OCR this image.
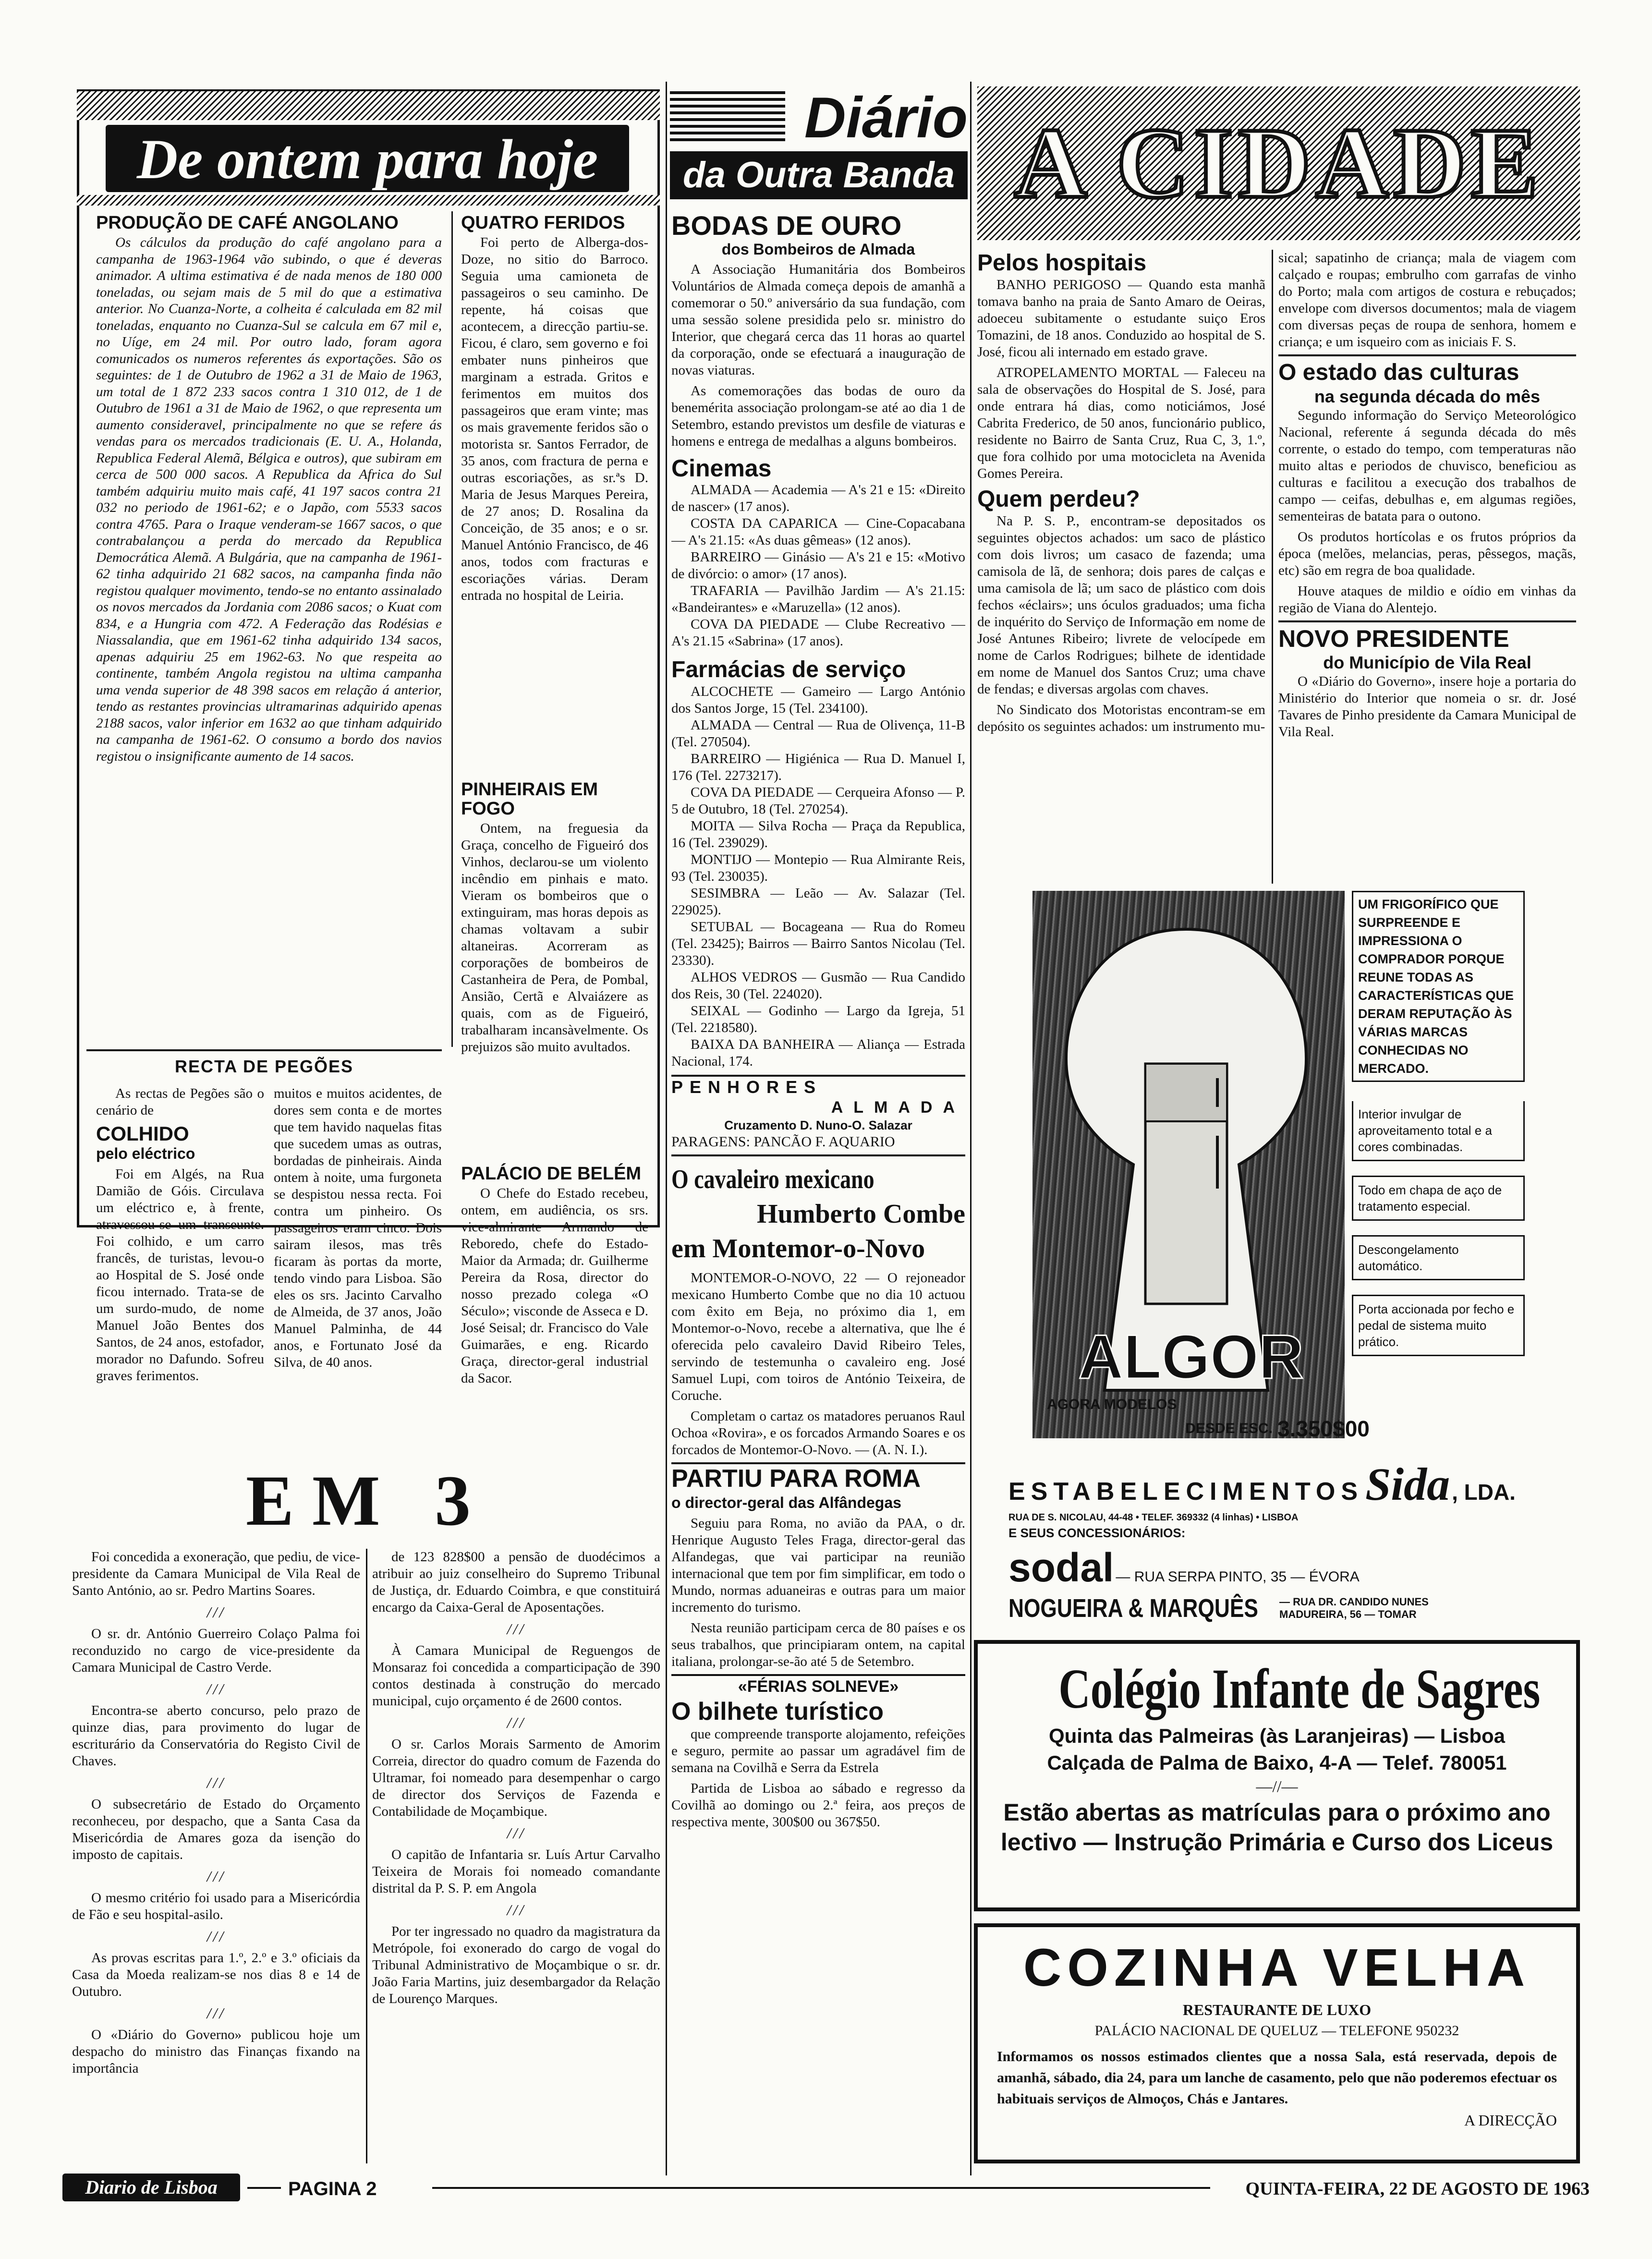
De ontem para hoje
PRODUÇÃO DE CAFÉ ANGOLANO

Os cálculos da produção do café angolano para a campanha de 1963-1964 vão subindo, o que é deveras animador. A ultima estimativa é de nada menos de 180 000 toneladas, ou sejam mais de 5 mil do que a estimativa anterior. No Cuanza-Norte, a colheita é calculada em 82 mil toneladas, enquanto no Cuanza-Sul se calcula em 67 mil e, no Uíge, em 24 mil. Por outro lado, foram agora comunicados os numeros referentes ás exportações. São os seguintes: de 1 de Outubro de 1962 a 31 de Maio de 1963, um total de 1 872 233 sacos contra 1 310 012, de 1 de Outubro de 1961 a 31 de Maio de 1962, o que representa um aumento consideravel, principalmente no que se refere ás vendas para os mercados tradicionais (E. U. A., Holanda, Republica Federal Alemã, Bélgica e outros), que subiram em cerca de 500 000 sacos. A Republica da Africa do Sul também adquiriu muito mais café, 41 197 sacos contra 21 032 no periodo de 1961-62; e o Japão, com 5533 sacos contra 4765. Para o Iraque venderam-se 1667 sacos, o que contrabalançou a perda do mercado da Republica Democrática Alemã. A Bulgária, que na campanha de 1961-62 tinha adquirido 21 682 sacos, na campanha finda não registou qualquer movimento, tendo-se no entanto assinalado os novos mercados da Jordania com 2086 sacos; o Kuat com 834, e a Hungria com 472. A Federação das Rodésias e Niassalandia, que em 1961-62 tinha adquirido 134 sacos, apenas adquiriu 25 em 1962-63. No que respeita ao continente, também Angola registou na ultima campanha uma venda superior de 48 398 sacos em relação á anterior, tendo as restantes provincias ultramarinas adquirido apenas 2188 sacos, valor inferior em 1632 ao que tinham adquirido na campanha de 1961-62. O consumo a bordo dos navios registou o insignificante aumento de 14 sacos.

QUATRO FERIDOS

Foi perto de Alberga-dos-Doze, no sitio do Barroco. Seguia uma camioneta de passageiros o seu caminho. De repente, há coisas que acontecem, a direcção partiu-se. Ficou, é claro, sem governo e foi embater nuns pinheiros que marginam a estrada. Gritos e ferimentos em muitos dos passageiros que eram vinte; mas os mais gravemente feridos são o motorista sr. Santos Ferrador, de 35 anos, com fractura de perna e outras escoriações, as sr.ªs D. Maria de Jesus Marques Pereira, de 27 anos; D. Rosalina da Conceição, de 35 anos; e o sr. Manuel António Francisco, de 46 anos, todos com fracturas e escoriações várias. Deram entrada no hospital de Leiria.

PINHEIRAIS EM FOGO

Ontem, na freguesia da Graça, concelho de Figueiró dos Vinhos, declarou-se um violento incêndio em pinhais e mato. Vieram os bombeiros que o extinguiram, mas horas depois as chamas voltavam a subir altaneiras. Acorreram as corporações de bombeiros de Castanheira de Pera, de Pombal, Ansião, Certã e Alvaiázere as quais, com as de Figueiró, trabalharam incansàvelmente. Os prejuizos são muito avultados.

PALÁCIO DE BELÉM

O Chefe do Estado recebeu, ontem, em audiência, os srs. vice-almirante Armando de Reboredo, chefe do Estado-Maior da Armada; dr. Guilherme Pereira da Rosa, director do nosso prezado colega «O Século»; visconde de Asseca e D. José Seisal; dr. Francisco do Vale Guimarães, e eng. Ricardo Graça, director-geral industrial da Sacor.

RECTA DE PEGÕES

As rectas de Pegões são o cenário de

COLHIDO
pelo eléctrico

Foi em Algés, na Rua Damião de Góis. Circulava um eléctrico e, à frente, atravessou-se um transeunte. Foi colhido, e um carro francês, de turistas, levou-o ao Hospital de S. José onde ficou internado. Trata-se de um surdo-mudo, de nome Manuel João Bentes dos Santos, de 24 anos, estofador, morador no Dafundo. Sofreu graves ferimentos.

muitos e muitos acidentes, de dores sem conta e de mortes que tem havido naquelas fitas que sucedem umas as outras, bordadas de pinheirais. Ainda ontem à noite, uma furgoneta se despistou nessa recta. Foi contra um pinheiro. Os passageiros eram cinco. Dois sairam ilesos, mas três ficaram às portas da morte, tendo vindo para Lisboa. São eles os srs. Jacinto Carvalho de Almeida, de 37 anos, João Manuel Palminha, de 44 anos, e Fortunato José da Silva, de 40 anos.

EM 3

Foi concedida a exoneração, que pediu, de vice-presidente da Camara Municipal de Vila Real de Santo António, ao sr. Pedro Martins Soares.

///

O sr. dr. António Guerreiro Colaço Palma foi reconduzido no cargo de vice-presidente da Camara Municipal de Castro Verde.

///

Encontra-se aberto concurso, pelo prazo de quinze dias, para provimento do lugar de escriturário da Conservatória do Registo Civil de Chaves.

///

O subsecretário de Estado do Orçamento reconheceu, por despacho, que a Santa Casa da Misericórdia de Amares goza da isenção do imposto de capitais.

///

O mesmo critério foi usado para a Misericórdia de Fão e seu hospital-asilo.

///

As provas escritas para 1.º, 2.º e 3.º oficiais da Casa da Moeda realizam-se nos dias 8 e 14 de Outubro.

///

O «Diário do Governo» publicou hoje um despacho do ministro das Finanças fixando na importância

de 123 828$00 a pensão de duodécimos a atribuir ao juiz conselheiro do Supremo Tribunal de Justiça, dr. Eduardo Coimbra, e que constituirá encargo da Caixa-Geral de Aposentações.

///

À Camara Municipal de Reguengos de Monsaraz foi concedida a comparticipação de 390 contos destinada à construção do mercado municipal, cujo orçamento é de 2600 contos.

///

O sr. Carlos Morais Sarmento de Amorim Correia, director do quadro comum de Fazenda do Ultramar, foi nomeado para desempenhar o cargo de director dos Serviços de Fazenda e Contabilidade de Moçambique.

///

O capitão de Infantaria sr. Luís Artur Carvalho Teixeira de Morais foi nomeado comandante distrital da P. S. P. em Angola

///

Por ter ingressado no quadro da magistratura da Metrópole, foi exonerado do cargo de vogal do Tribunal Administrativo de Moçambique o sr. dr. João Faria Martins, juiz desembargador da Relação de Lourenço Marques.

Diário
da Outra Banda
BODAS DE OURO
dos Bombeiros de Almada

A Associação Humanitária dos Bombeiros Voluntários de Almada começa depois de amanhã a comemorar o 50.º aniversário da sua fundação, com uma sessão solene presidida pelo sr. ministro do Interior, que chegará cerca das 11 horas ao quartel da corporação, onde se efectuará a inauguração de novas viaturas.

As comemorações das bodas de ouro da benemérita associação prolongam-se até ao dia 1 de Setembro, estando previstos um desfile de viaturas e homens e entrega de medalhas a alguns bombeiros.

Cinemas

ALMADA — Academia — A's 21 e 15: «Direito de nascer» (17 anos).

COSTA DA CAPARICA — Cine-Copacabana — A's 21.15: «As duas gêmeas» (12 anos).

BARREIRO — Ginásio — A's 21 e 15: «Motivo de divórcio: o amor» (17 anos).

TRAFARIA — Pavilhão Jardim — A's 21.15: «Bandeirantes» e «Maruzella» (12 anos).

COVA DA PIEDADE — Clube Recreativo — A's 21.15 «Sabrina» (17 anos).

Farmácias de serviço

ALCOCHETE — Gameiro — Largo António dos Santos Jorge, 15 (Tel. 234100).

ALMADA — Central — Rua de Olivença, 11-B (Tel. 270504).

BARREIRO — Higiénica — Rua D. Manuel I, 176 (Tel. 2273217).

COVA DA PIEDADE — Cerqueira Afonso — P. 5 de Outubro, 18 (Tel. 270254).

MOITA — Silva Rocha — Praça da Republica, 16 (Tel. 239029).

MONTIJO — Montepio — Rua Almirante Reis, 93 (Tel. 230035).

SESIMBRA — Leão — Av. Salazar (Tel. 229025).

SETUBAL — Bocageana — Rua do Romeu (Tel. 23425); Bairros — Bairro Santos Nicolau (Tel. 23330).

ALHOS VEDROS — Gusmão — Rua Candido dos Reis, 30 (Tel. 224020).

SEIXAL — Godinho — Largo da Igreja, 51 (Tel. 2218580).

BAIXA DA BANHEIRA — Aliança — Estrada Nacional, 174.

PENHORES
ALMADA
Cruzamento D. Nuno-O. Salazar
PARAGENS: PANCÃO F. AQUARIO
O cavaleiro mexicano
Humberto Combe
em Montemor-o-Novo

MONTEMOR-O-NOVO, 22 — O rejoneador mexicano Humberto Combe que no dia 10 actuou com êxito em Beja, no próximo dia 1, em Montemor-o-Novo, recebe a alternativa, que lhe é oferecida pelo cavaleiro David Ribeiro Teles, servindo de testemunha o cavaleiro eng. José Samuel Lupi, com toiros de António Teixeira, de Coruche.

Completam o cartaz os matadores peruanos Raul Ochoa «Rovira», e os forcados Armando Soares e os forcados de Montemor-O-Novo. — (A. N. I.).

PARTIU PARA ROMA
o director-geral das Alfândegas

Seguiu para Roma, no avião da PAA, o dr. Henrique Augusto Teles Fraga, director-geral das Alfandegas, que vai participar na reunião internacional que tem por fim simplificar, em todo o Mundo, normas aduaneiras e outras para um maior incremento do turismo.

Nesta reunião participam cerca de 80 países e os seus trabalhos, que principiaram ontem, na capital italiana, prolongar-se-ão até 5 de Setembro.

«FÉRIAS SOLNEVE»
O bilhete turístico

que compreende transporte alojamento, refeições e seguro, permite ao passar um agradável fim de semana na Covilhã e Serra da Estrela

Partida de Lisboa ao sábado e regresso da Covilhã ao domingo ou 2.ª feira, aos preços de respectiva mente, 300$00 ou 367$50.

A CIDADE
Pelos hospitais

BANHO PERIGOSO — Quando esta manhã tomava banho na praia de Santo Amaro de Oeiras, adoeceu subitamente o estudante suiço Eros Tomazini, de 18 anos. Conduzido ao hospital de S. José, ficou ali internado em estado grave.

ATROPELAMENTO MORTAL — Faleceu na sala de observações do Hospital de S. José, para onde entrara há dias, como noticiámos, José Cabrita Frederico, de 50 anos, funcionário publico, residente no Bairro de Santa Cruz, Rua C, 3, 1.º, que fora colhido por uma motocicleta na Avenida Gomes Pereira.

Quem perdeu?

Na P. S. P., encontram-se depositados os seguintes objectos achados: um saco de plástico com dois livros; um casaco de fazenda; uma camisola de lã, de senhora; dois pares de calças e uma camisola de lã; um saco de plástico com dois fechos «éclairs»; uns óculos graduados; uma ficha de inquérito do Serviço de Informação em nome de José Antunes Ribeiro; livrete de velocípede em nome de Carlos Rodrigues; bilhete de identidade em nome de Manuel dos Santos Cruz; uma chave de fendas; e diversas argolas com chaves.

No Sindicato dos Motoristas encontram-se em depósito os seguintes achados: um instrumento mu-

sical; sapatinho de criança; mala de viagem com calçado e roupas; embrulho com garrafas de vinho do Porto; mala com artigos de costura e rebuçados; envelope com diversos documentos; mala de viagem com diversas peças de roupa de senhora, homem e criança; e um isqueiro com as iniciais F. S.

O estado das culturas
na segunda década do mês

Segundo informação do Serviço Meteorológico Nacional, referente á segunda década do mês corrente, o estado do tempo, com temperaturas não muito altas e periodos de chuvisco, beneficiou as culturas e facilitou a execução dos trabalhos de campo — ceifas, debulhas e, em algumas regiões, sementeiras de batata para o outono.

Os produtos hortícolas e os frutos próprios da época (melões, melancias, peras, pêssegos, maçãs, etc) são em regra de boa qualidade.

Houve ataques de mildio e oídio em vinhas da região de Viana do Alentejo.

NOVO PRESIDENTE
do Município de Vila Real

O «Diário do Governo», insere hoje a portaria do Ministério do Interior que nomeia o sr. dr. José Tavares de Pinho presidente da Camara Municipal de Vila Real.

ALGOR
UM FRIGORÍFICO QUE SURPREENDE E IMPRESSIONA O COMPRADOR PORQUE REUNE TODAS AS CARACTERÍSTICAS QUE DERAM REPUTAÇÃO ÀS VÁRIAS MARCAS CONHECIDAS NO MERCADO.
Interior invulgar de aproveitamento total e a cores combinadas.
Todo em chapa de aço de tratamento especial.
Descongelamento automático.
Porta accionada por fecho e pedal de sistema muito prático.
AGORA MODELOS
DESDE ESC. 3.350$00
ESTABELECIMENTOS Sida , LDA.
RUA DE S. NICOLAU, 44-48 • TELEF. 369332 (4 linhas) • LISBOA
E SEUS CONCESSIONÁRIOS:
sodal — RUA SERPA PINTO, 35 — ÉVORA
NOGUEIRA & MARQUÊS — RUA DR. CANDIDO NUNES
MADUREIRA, 56 — TOMAR
Colégio Infante de Sagres
Quinta das Palmeiras (às Laranjeiras) — Lisboa
Calçada de Palma de Baixo, 4-A — Telef. 780051
—//—
Estão abertas as matrículas para o próximo ano lectivo — Instrução Primária e Curso dos Liceus
COZINHA VELHA
RESTAURANTE DE LUXO
PALÁCIO NACIONAL DE QUELUZ — TELEFONE 950232
Informamos os nossos estimados clientes que a nossa Sala, está reservada, depois de amanhã, sábado, dia 24, para um lanche de casamento, pelo que não poderemos efectuar os habituais serviços de Almoços, Chás e Jantares.
A DIRECÇÃO
Diario de Lisboa	PAGINA 2	QUINTA-FEIRA, 22 DE AGOSTO DE 1963
